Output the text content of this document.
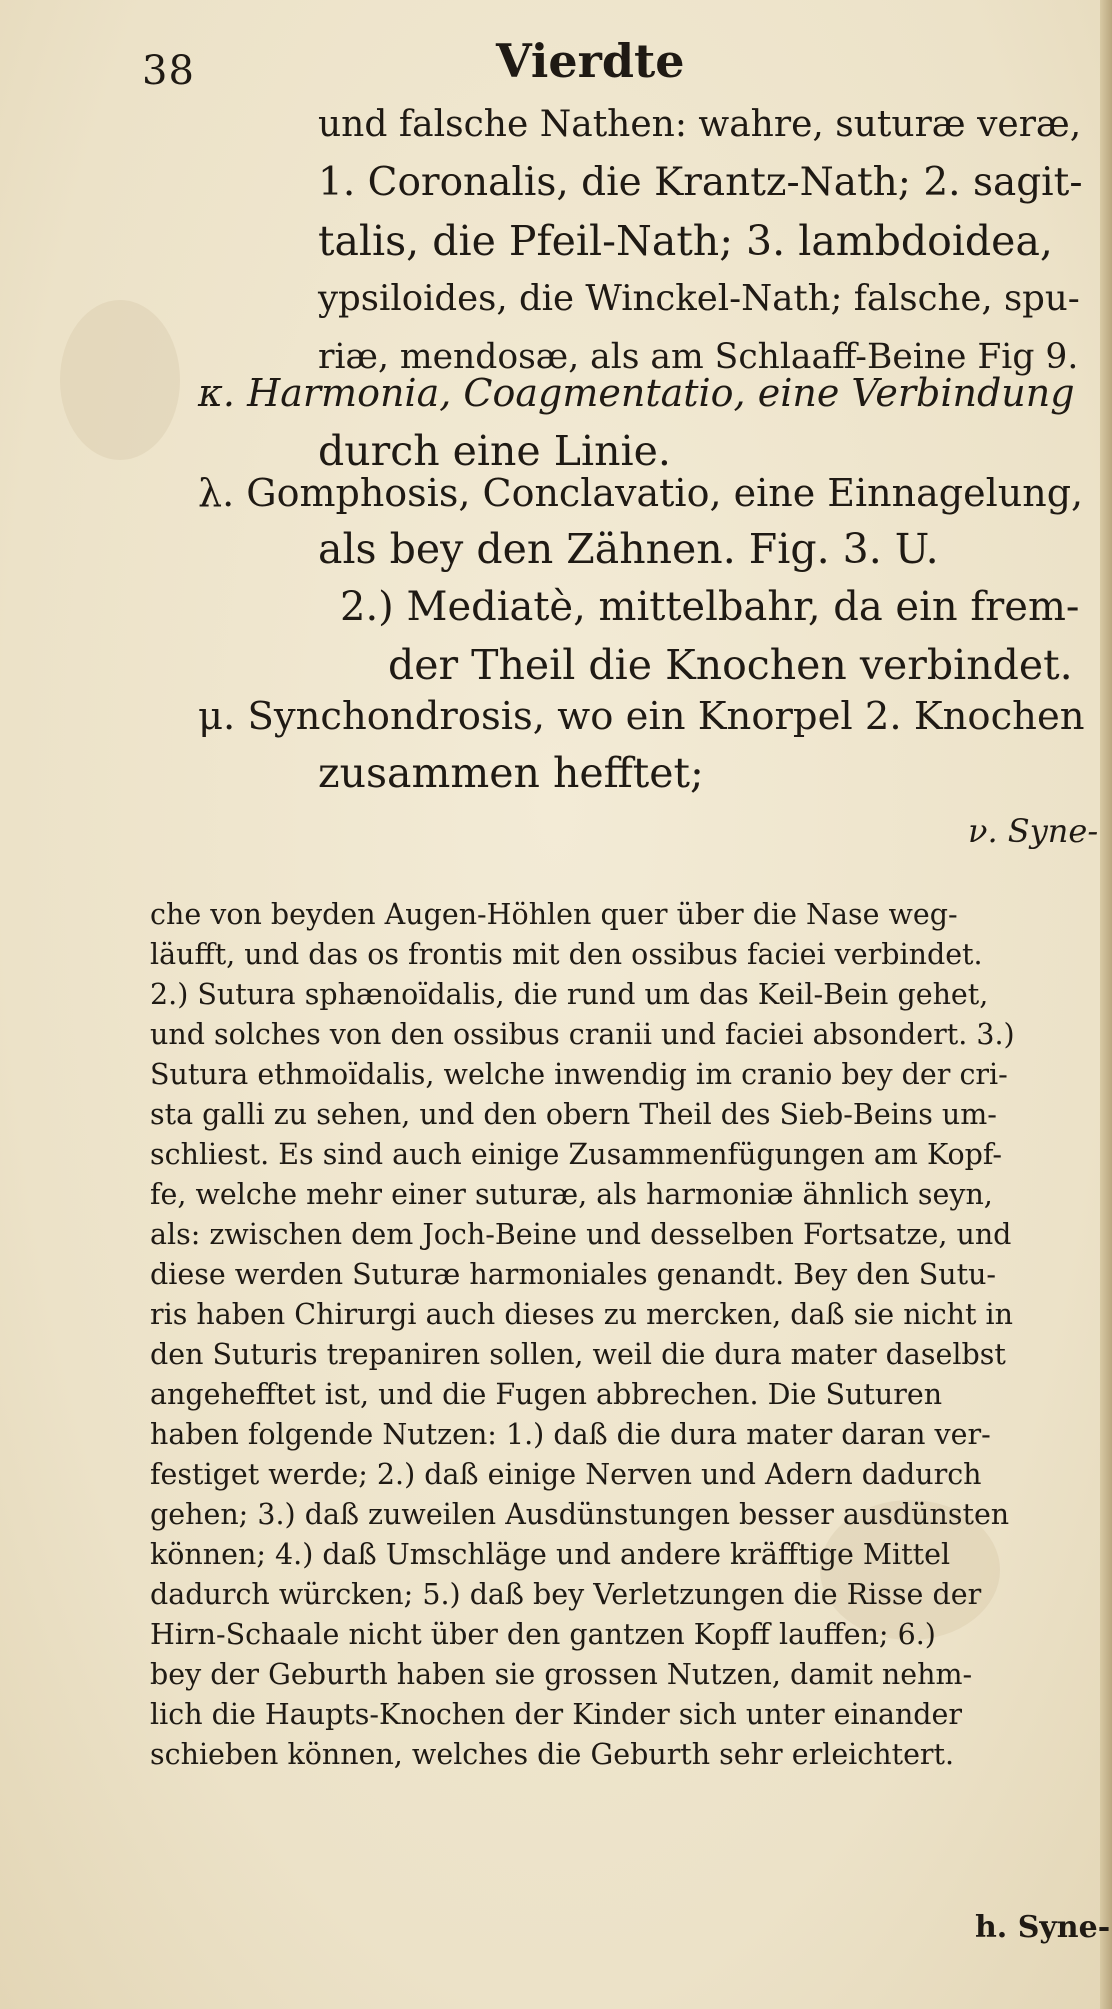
38	Vierdte
und falsche Nathen: wahre, suturæ veræ,
1. Coronalis, die Krantz-Nath; 2. sagit-
talis, die Pfeil-Nath; 3. lambdoidea,
ypsiloides, die Winckel-Nath; falsche, spu-
riæ, mendosæ, als am Schlaaff-Beine Fig 9.
κ. Harmonia, Coagmentatio, eine Verbindung
durch eine Linie.
λ. Gomphosis, Conclavatio, eine Einnagelung,
als bey den Zähnen. Fig. 3. U.
2.) Mediatè, mittelbahr, da ein frem-
der Theil die Knochen verbindet.
μ. Synchondrosis, wo ein Knorpel 2. Knochen
zusammen hefftet;
ν. Syne-
che von beyden Augen-Höhlen quer über die Nase weg-
läufft, und das os frontis mit den ossibus faciei verbindet.
2.) Sutura sphænoïdalis, die rund um das Keil-Bein gehet,
und solches von den ossibus cranii und faciei absondert. 3.)
Sutura ethmoïdalis, welche inwendig im cranio bey der cri-
sta galli zu sehen, und den obern Theil des Sieb-Beins um-
schliest. Es sind auch einige Zusammenfügungen am Kopf-
fe, welche mehr einer suturæ, als harmoniæ ähnlich seyn,
als: zwischen dem Joch-Beine und desselben Fortsatze, und
diese werden Suturæ harmoniales genandt. Bey den Sutu-
ris haben Chirurgi auch dieses zu mercken, daß sie nicht in
den Suturis trepaniren sollen, weil die dura mater daselbst
angehefftet ist, und die Fugen abbrechen. Die Suturen
haben folgende Nutzen: 1.) daß die dura mater daran ver-
festiget werde; 2.) daß einige Nerven und Adern dadurch
gehen; 3.) daß zuweilen Ausdünstungen besser ausdünsten
können; 4.) daß Umschläge und andere kräfftige Mittel
dadurch würcken; 5.) daß bey Verletzungen die Risse der
Hirn-Schaale nicht über den gantzen Kopff lauffen; 6.)
bey der Geburth haben sie grossen Nutzen, damit nehm-
lich die Haupts-Knochen der Kinder sich unter einander
schieben können, welches die Geburth sehr erleichtert.
h. Syne-
